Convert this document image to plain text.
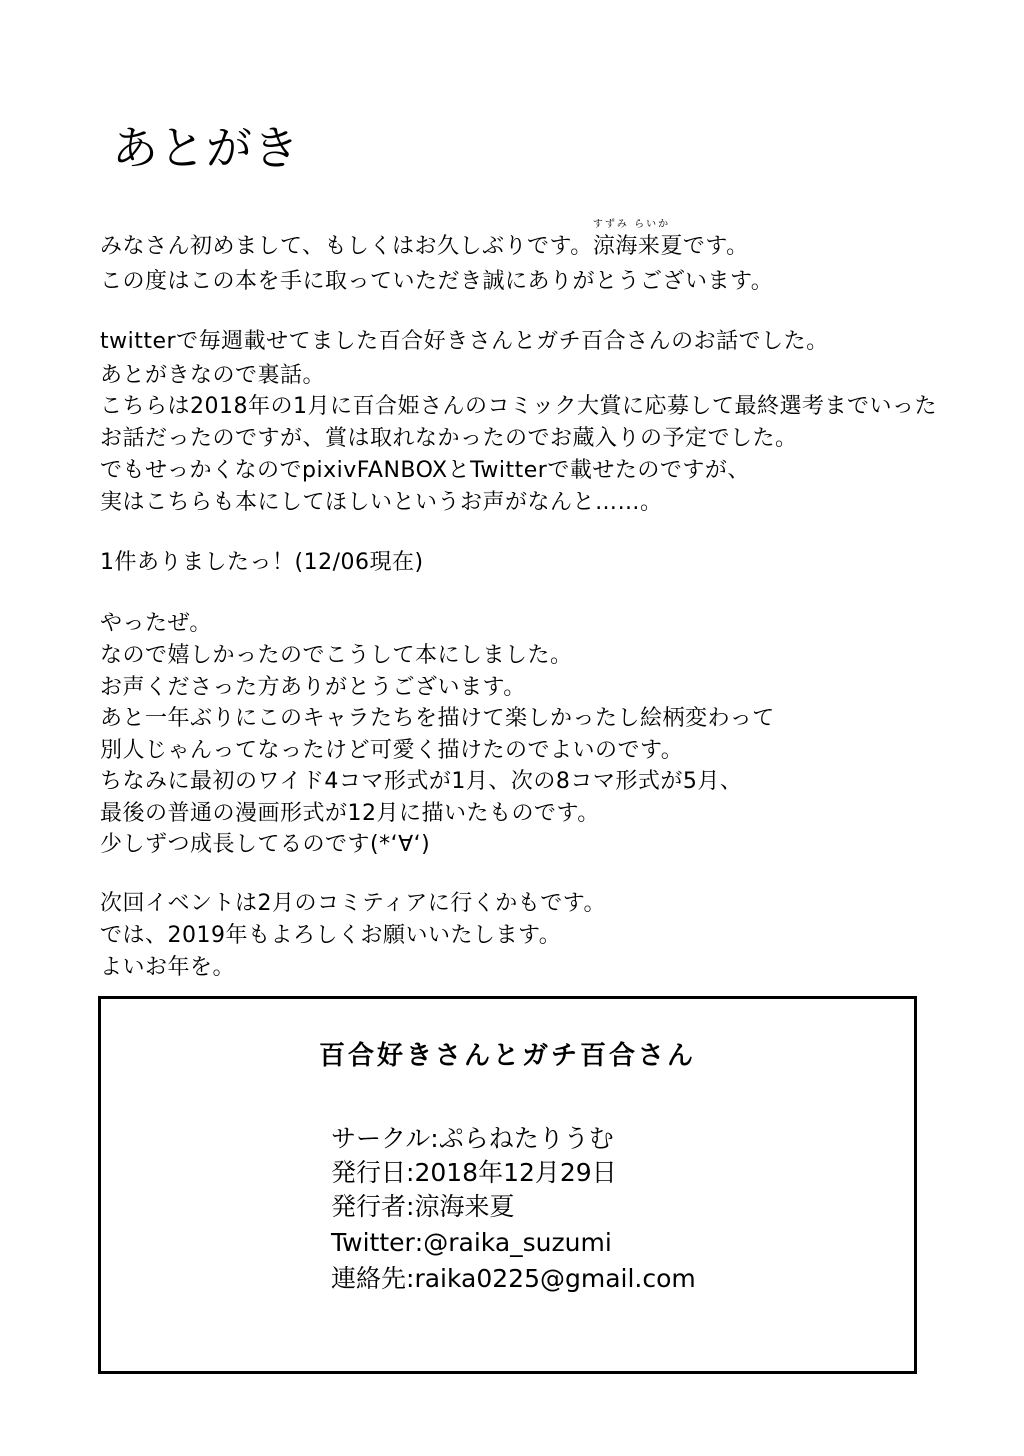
あとがき
みなさん初めまして、もしくはお久しぶりです。
すずみ らいか
涼海来夏です。
この度はこの本を手に取っていただき誠にありがとうございます。
twitterで毎週載せてました百合好きさんとガチ百合さんのお話でした。
あとがきなので裏話。
こちらは2018年の1月に百合姫さんのコミック大賞に応募して最終選考までいった
お話だったのですが、賞は取れなかったのでお蔵入りの予定でした。
でもせっかくなのでpixivFANBOXとTwitterで載せたのですが、
実はこちらも本にしてほしいというお声がなんと……。
1件ありましたっ！(12/06現在)
やったぜ。
なので嬉しかったのでこうして本にしました。
お声くださった方ありがとうございます。
あと一年ぶりにこのキャラたちを描けて楽しかったし絵柄変わって
別人じゃんってなったけど可愛く描けたのでよいのです。
ちなみに最初のワイド4コマ形式が1月、次の8コマ形式が5月、
最後の普通の漫画形式が12月に描いたものです。
少しずつ成長してるのです(*‘∀‘)
次回イベントは2月のコミティアに行くかもです。
では、2019年もよろしくお願いいたします。
よいお年を。
百合好きさんとガチ百合さん
サークル:ぷらねたりうむ
発行日:2018年12月29日
発行者:涼海来夏
Twitter:@raika_suzumi
連絡先:raika0225@gmail.com
